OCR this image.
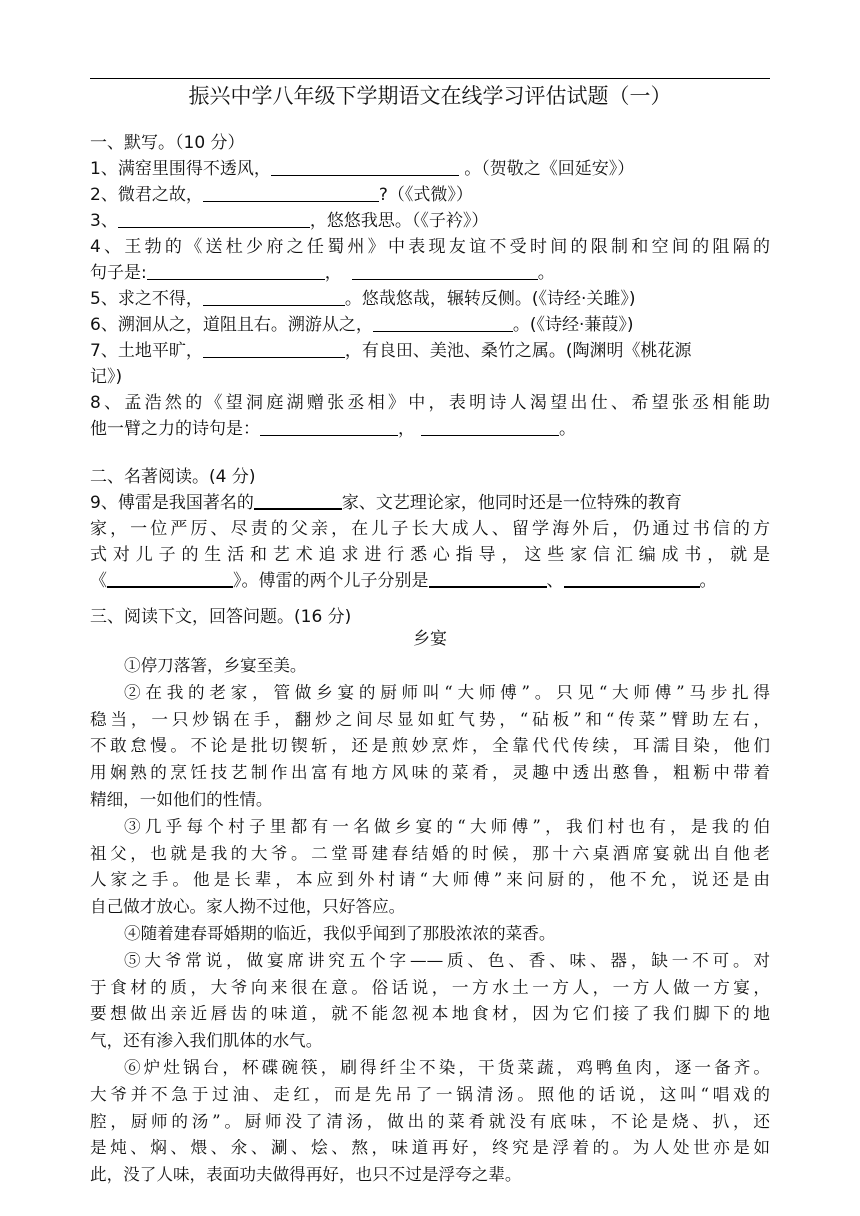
振兴中学八年级下学期语文在线学习评估试题（一）
一、默写。（10 分）
1、满窑里围得不透风，	。（贺敬之《回延安》）
2、微君之故，	?（《式微》）
3、	，悠悠我思。（《子衿》）
4、王勃的《送杜少府之任蜀州》中表现友谊不受时间的限制和空间的阻隔的
句子是:	，	。
5、求之不得，	。悠哉悠哉，辗转反侧。(《诗经·关雎》)
6、溯洄从之，道阻且右。溯游从之，	。(《诗经·蒹葭》)
7、土地平旷，	，有良田、美池、桑竹之属。(陶渊明《桃花源
记》)
8、孟浩然的《望洞庭湖赠张丞相》中，表明诗人渴望出仕、希望张丞相能助
他一臂之力的诗句是：	，	。
二、名著阅读。(4 分)
9、傅雷是我国著名的	家、文艺理论家，他同时还是一位特殊的教育
家，一位严厉、尽责的父亲，在儿子长大成人、留学海外后，仍通过书信的方
式对儿子的生活和艺术追求进行悉心指导，这些家信汇编成书，就是
《	》。傅雷的两个儿子分别是	、	。
三、阅读下文，回答问题。(16 分)
乡宴
①停刀落箸，乡宴至美。
②在我的老家，管做乡宴的厨师叫“大师傅”。只见“大师傅”马步扎得
稳当，一只炒锅在手，翻炒之间尽显如虹气势，“砧板”和“传菜”臂助左右，
不敢怠慢。不论是批切锲斩，还是煎妙烹炸，全靠代代传续，耳濡目染，他们
用娴熟的烹饪技艺制作出富有地方风味的菜肴，灵趣中透出憨鲁，粗粝中带着
精细，一如他们的性情。
③几乎每个村子里都有一名做乡宴的“大师傅”，我们村也有，是我的伯
祖父，也就是我的大爷。二堂哥建春结婚的时候，那十六桌酒席宴就出自他老
人家之手。他是长辈，本应到外村请“大师傅”来问厨的，他不允，说还是由
自己做才放心。家人拗不过他，只好答应。
④随着建春哥婚期的临近，我似乎闻到了那股浓浓的菜香。
⑤大爷常说，做宴席讲究五个字——质、色、香、味、器，缺一不可。对
于食材的质，大爷向来很在意。俗话说，一方水土一方人，一方人做一方宴，
要想做出亲近唇齿的味道，就不能忽视本地食材，因为它们接了我们脚下的地
气，还有渗入我们肌体的水气。
⑥炉灶锅台，杯碟碗筷，刷得纤尘不染，干货菜蔬，鸡鸭鱼肉，逐一备齐。
大爷并不急于过油、走红，而是先吊了一锅清汤。照他的话说，这叫“唱戏的
腔，厨师的汤”。厨师没了清汤，做出的菜肴就没有底味，不论是烧、扒，还
是炖、焖、煨、氽、涮、烩、熬，味道再好，终究是浮着的。为人处世亦是如
此，没了人味，表面功夫做得再好，也只不过是浮夸之辈。
